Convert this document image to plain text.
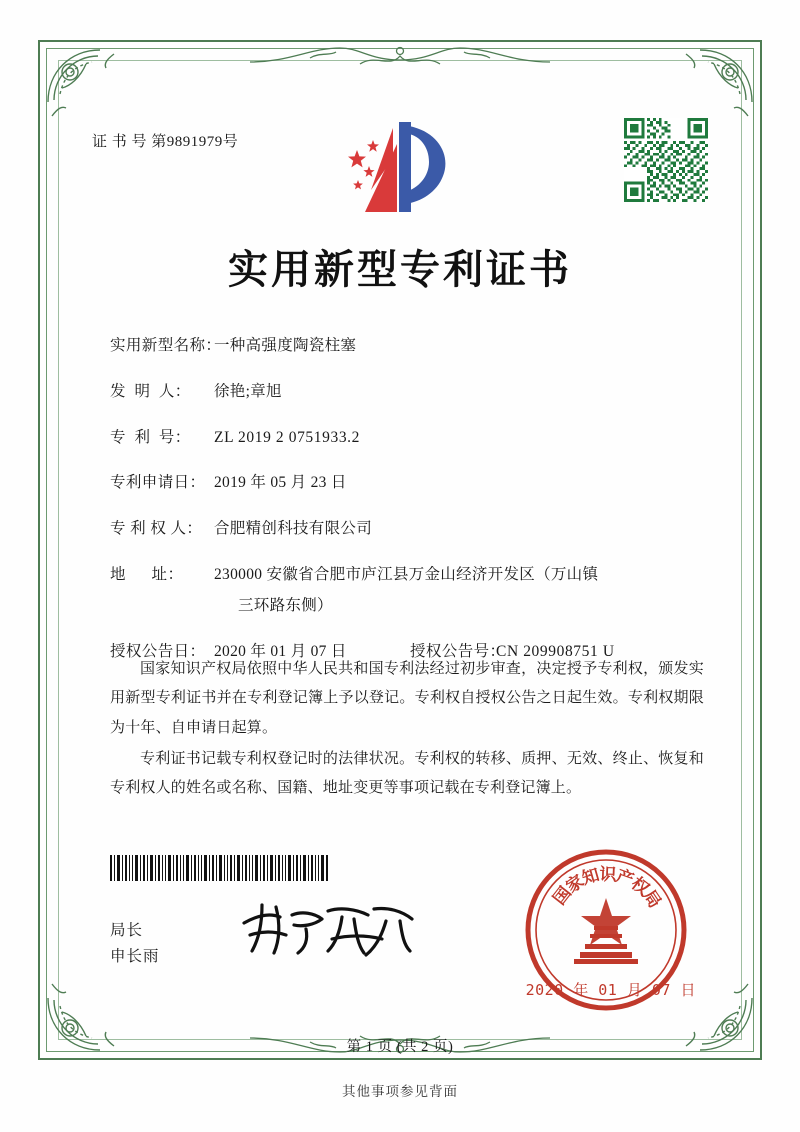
证 书 号 第9891979号
实用新型专利证书
实用新型名称：
一种高强度陶瓷柱塞
发  明  人：	徐艳;章旭
专  利  号：	ZL 2019 2 0751933.2
专利申请日： 2019 年 05 月 23 日
专 利 权 人： 合肥精创科技有限公司
地      址：	230000 安徽省合肥市庐江县万金山经济开发区（万山镇
三环路东侧）
授权公告日： 2020 年 01 月 07 日	授权公告号：
CN 209908751 U

国家知识产权局依照中华人民共和国专利法经过初步审查，决定授予专利权，颁发实用新型专利证书并在专利登记簿上予以登记。专利权自授权公告之日起生效。专利权期限为十年、自申请日起算。

专利证书记载专利权登记时的法律状况。专利权的转移、质押、无效、终止、恢复和专利权人的姓名或名称、国籍、地址变更等事项记载在专利登记簿上。

局长
申长雨
国
家
知
识
产
权
局
2020 年 01 月 07 日
第 1 页 (共 2 页)
其他事项参见背面
